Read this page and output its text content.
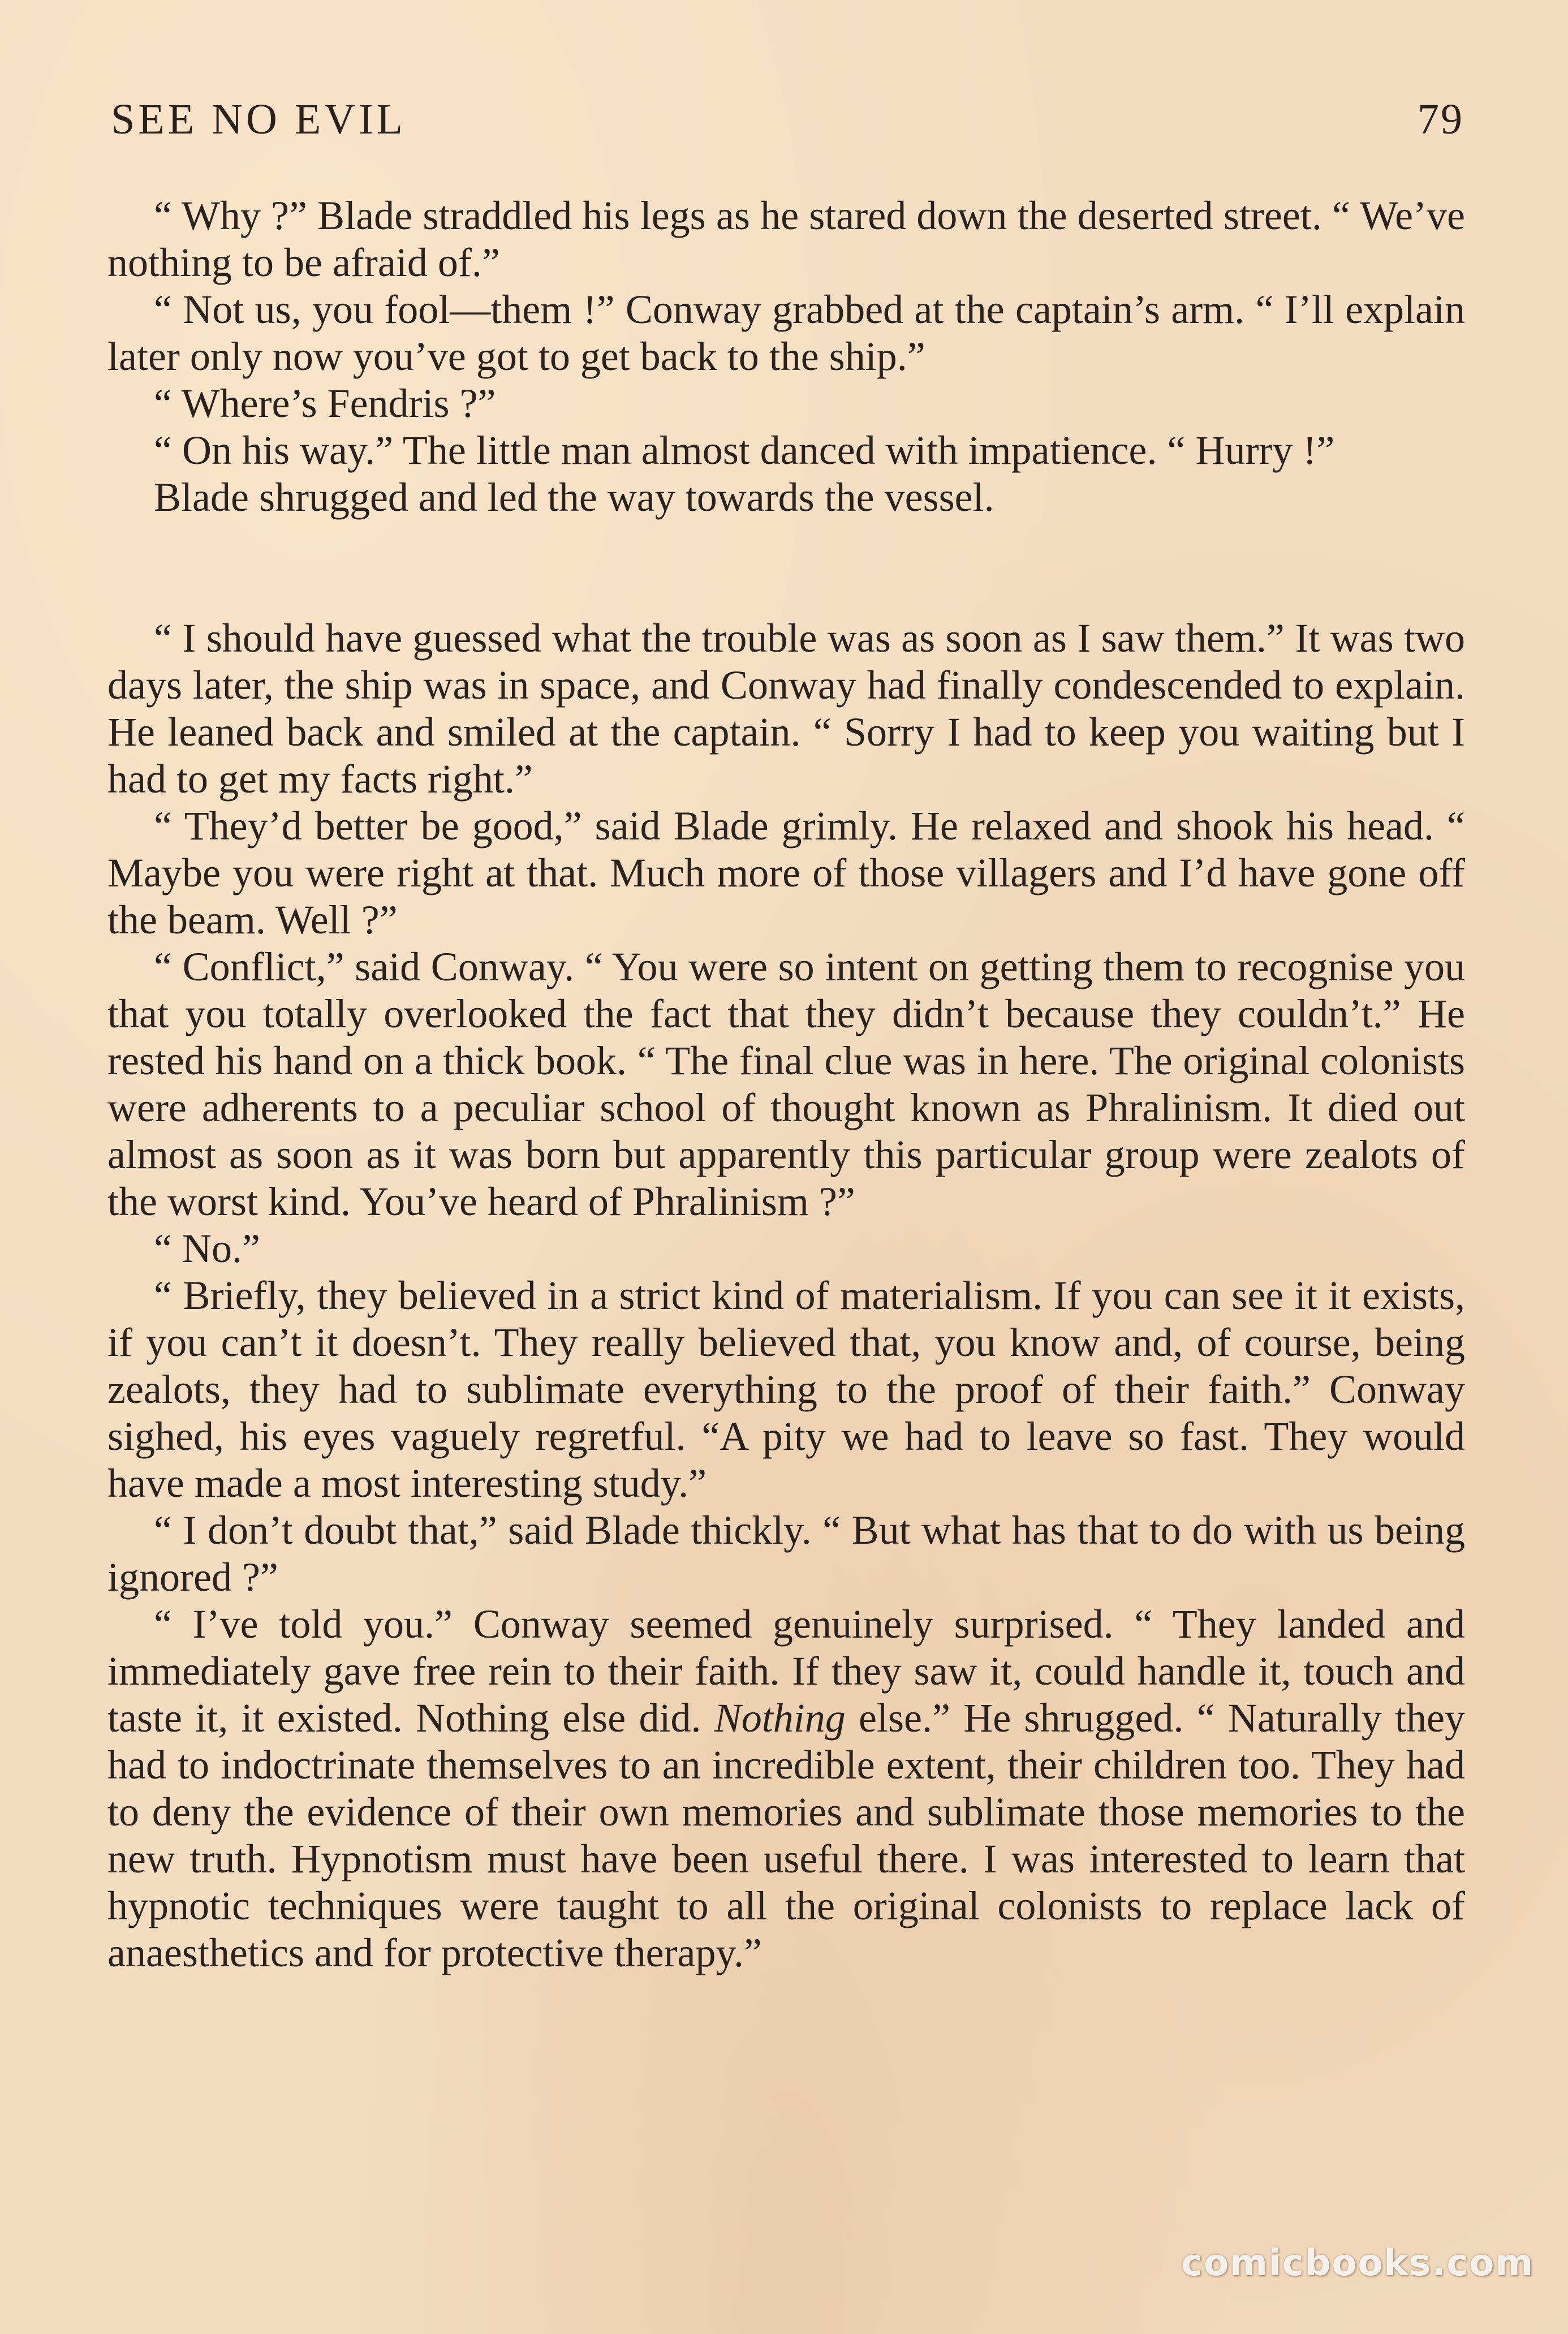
SEE NO EVIL	79

“ Why ?” Blade straddled his legs as he stared down the deserted street. “ We’ve nothing to be afraid of.”

“ Not us, you fool—them !” Conway grabbed at the captain’s arm. “ I’ll explain later only now you’ve got to get back to the ship.”

“ Where’s Fendris ?”

“ On his way.” The little man almost danced with impatience. “ Hurry !”

Blade shrugged and led the way towards the vessel.

“ I should have guessed what the trouble was as soon as I saw them.” It was two days later, the ship was in space, and Conway had finally condescended to explain. He leaned back and smiled at the captain. “ Sorry I had to keep you waiting but I had to get my facts right.”

“ They’d better be good,” said Blade grimly. He relaxed and shook his head. “ Maybe you were right at that. Much more of those villagers and I’d have gone off the beam. Well ?”

“ Conflict,” said Conway. “ You were so intent on getting them to recognise you that you totally overlooked the fact that they didn’t because they couldn’t.” He rested his hand on a thick book. “ The final clue was in here. The original colonists were adherents to a peculiar school of thought known as Phralinism. It died out almost as soon as it was born but apparently this particular group were zealots of the worst kind. You’ve heard of Phralinism ?”

“ No.”

“ Briefly, they believed in a strict kind of materialism. If you can see it it exists, if you can’t it doesn’t. They really believed that, you know and, of course, being zealots, they had to sublimate everything to the proof of their faith.” Conway sighed, his eyes vaguely regretful. “A pity we had to leave so fast. They would have made a most interesting study.”

“ I don’t doubt that,” said Blade thickly. “ But what has that to do with us being ignored ?”

“ I’ve told you.” Conway seemed genuinely surprised. “ They landed and immediately gave free rein to their faith. If they saw it, could handle it, touch and taste it, it existed. Nothing else did. Nothing else.” He shrugged. “ Naturally they had to indoctrinate themselves to an incredible extent, their children too. They had to deny the evidence of their own memories and sublimate those memories to the new truth. Hypnotism must have been useful there. I was interested to learn that hypnotic techniques were taught to all the original colonists to replace lack of anaesthetics and for protective therapy.”

comicbooks.com
